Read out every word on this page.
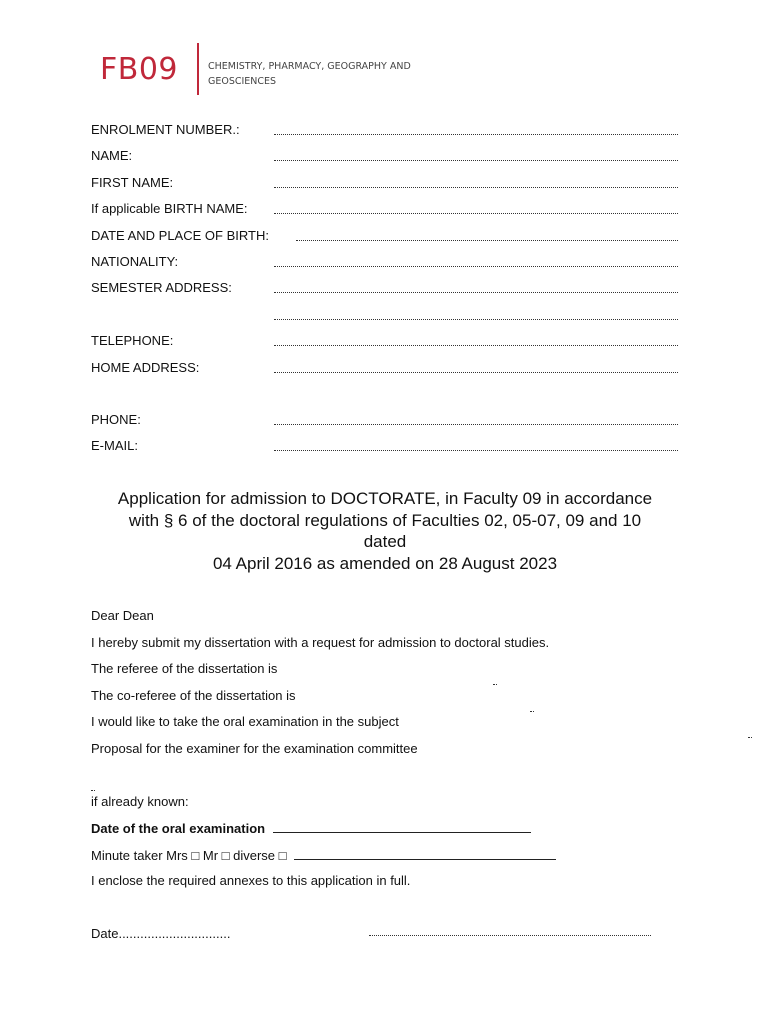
FB09	CHEMISTRY, PHARMACY, GEOGRAPHY AND
GEOSCIENCES
ENROLMENT NUMBER.:
NAME:
FIRST NAME:
If applicable BIRTH NAME:
DATE AND PLACE OF BIRTH:
NATIONALITY:
SEMESTER ADDRESS:
TELEPHONE:
HOME ADDRESS:
PHONE:
E-MAIL:
Application for admission to DOCTORATE, in Faculty 09 in accordance
with § 6 of the doctoral regulations of Faculties 02, 05-07, 09 and 10
dated
04 April 2016 as amended on 28 August 2023
Dear Dean
I hereby submit my dissertation with a request for admission to doctoral studies.
The referee of the dissertation is
The co-referee of the dissertation is
I would like to take the oral examination in the subject
Proposal for the examiner for the examination committee
if already known:
Date of the oral examination
Minute taker Mrs □ Mr □ diverse □
I enclose the required annexes to this application in full.
Date...............................
